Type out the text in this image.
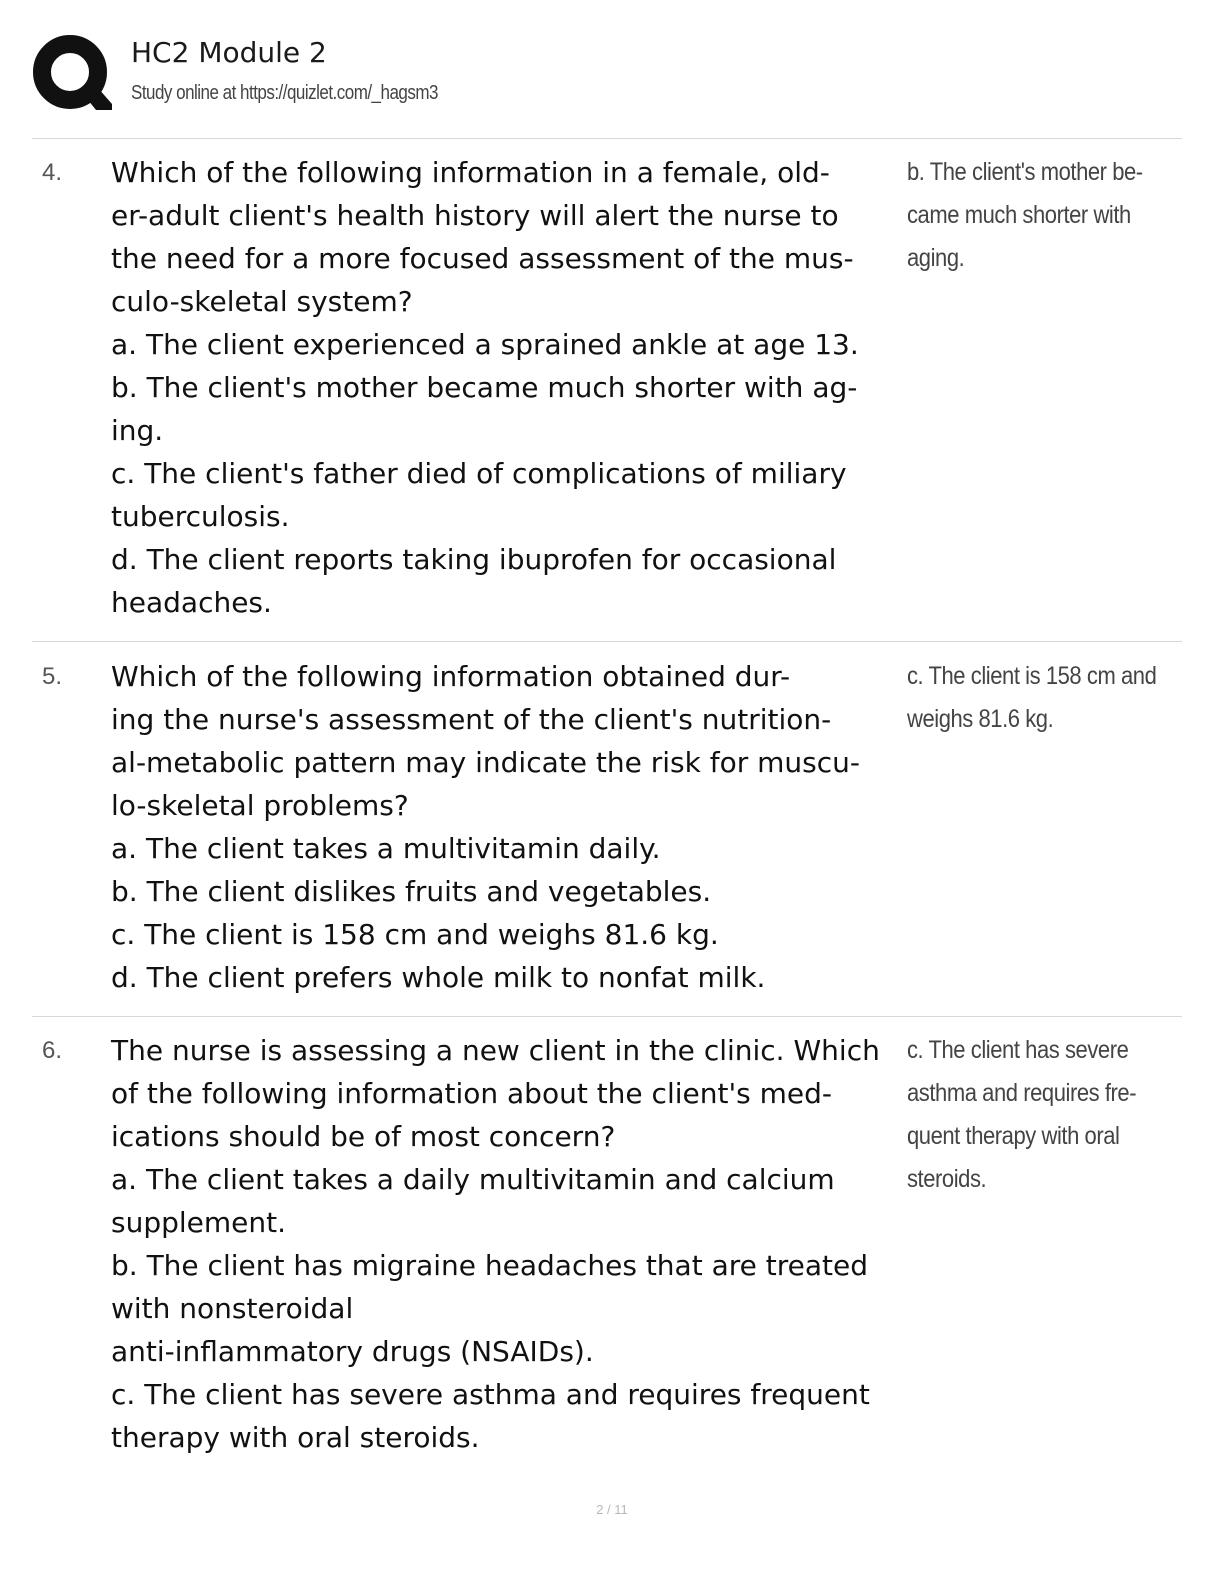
HC2 Module 2
Study online at https://quizlet.com/_hagsm3
4. Which of the following information in a female, old-
er-adult client's health history will alert the nurse to
the need for a more focused assessment of the mus-
culo-skeletal system?
a. The client experienced a sprained ankle at age 13.
b. The client's mother became much shorter with ag-
ing.
c. The client's father died of complications of miliary
tuberculosis.
d. The client reports taking ibuprofen for occasional
headaches.
b. The client's mother be-
came much shorter with
aging.
5. Which of the following information obtained dur-
ing the nurse's assessment of the client's nutrition-
al-metabolic pattern may indicate the risk for muscu-
lo-skeletal problems?
a. The client takes a multivitamin daily.
b. The client dislikes fruits and vegetables.
c. The client is 158 cm and weighs 81.6 kg.
d. The client prefers whole milk to nonfat milk.
c. The client is 158 cm and
weighs 81.6 kg.
6. The nurse is assessing a new client in the clinic. Which
of the following information about the client's med-
ications should be of most concern?
a. The client takes a daily multivitamin and calcium
supplement.
b. The client has migraine headaches that are treated
with nonsteroidal
anti-inflammatory drugs (NSAIDs).
c. The client has severe asthma and requires frequent
therapy with oral steroids.
c. The client has severe
asthma and requires fre-
quent therapy with oral
steroids.
2 / 11
